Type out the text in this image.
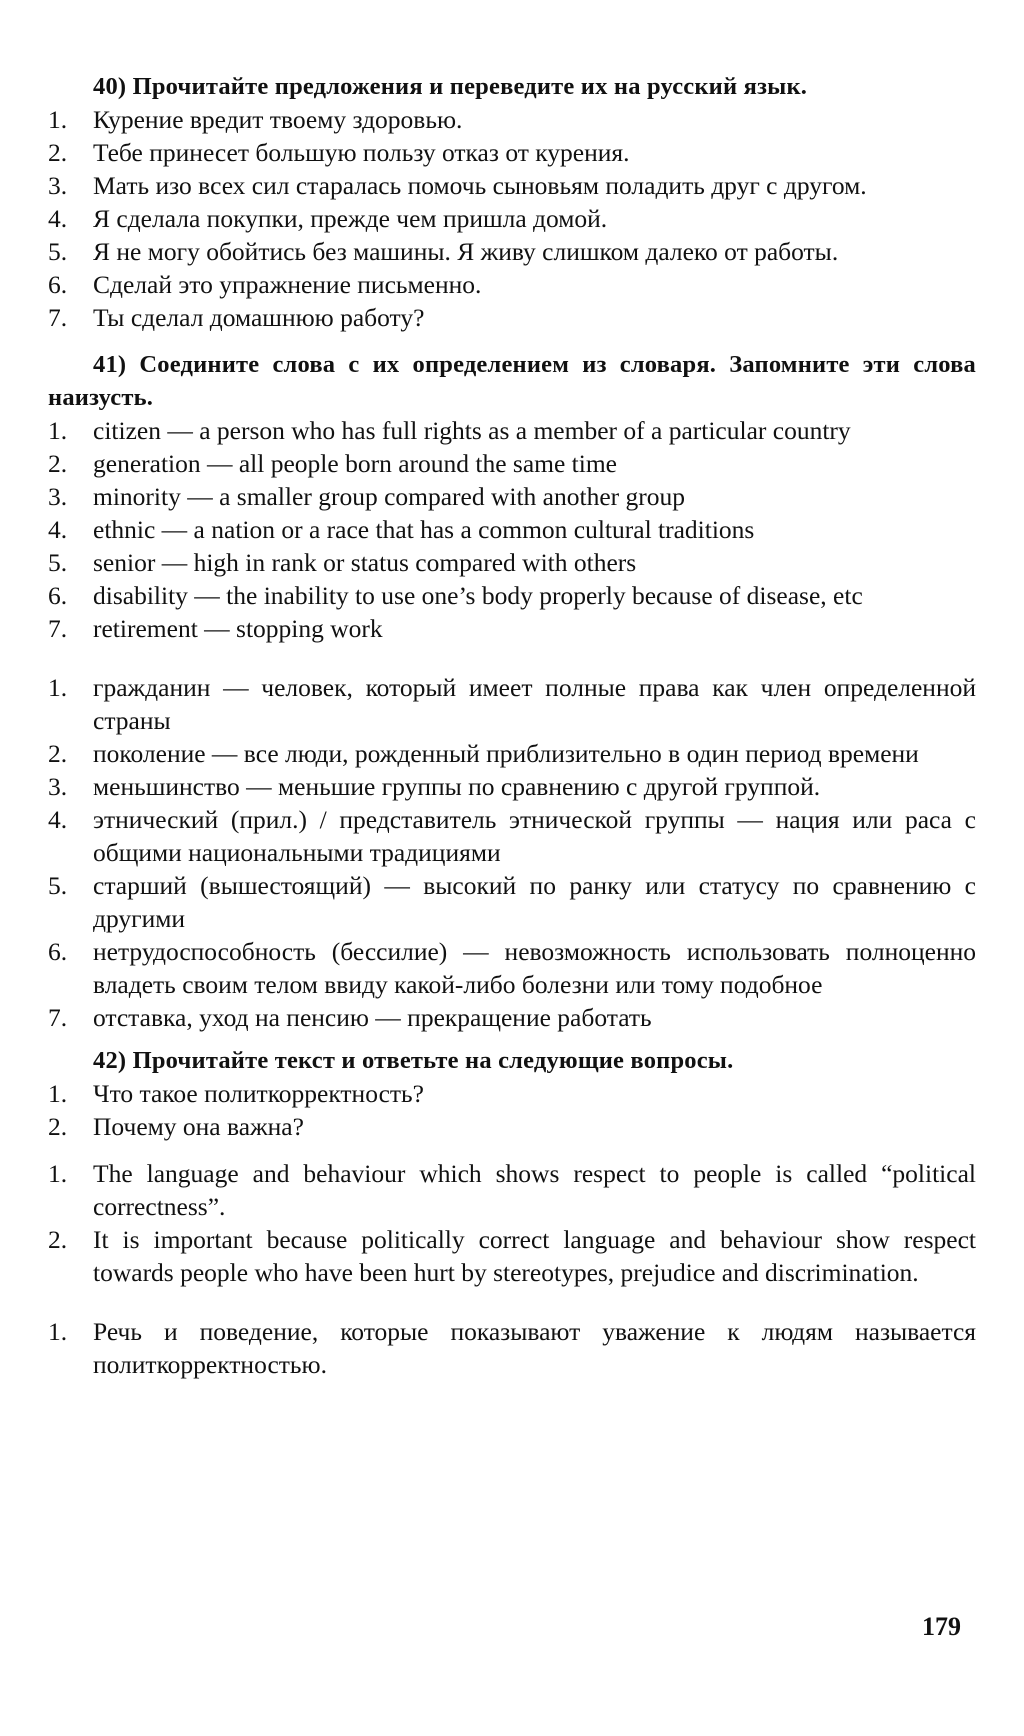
40) Прочитайте предложения и переведите их на русский язык.
1.	Курение вредит твоему здоровью.
2.	Тебе принесет большую пользу отказ от курения.
3.	Мать изо всех сил старалась помочь сыновьям поладить друг с другом.
4.	Я сделала покупки, прежде чем пришла домой.
5.	Я не могу обойтись без машины. Я живу слишком далеко от работы.
6.	Сделай это упражнение письменно.
7.	Ты сделал домашнюю работу?
41) Соедините слова с их определением из словаря. Запомните эти слова наизусть.
1.	citizen — a person who has full rights as a member of a particular country
2.	generation — all people born around the same time
3.	minority — a smaller group compared with another group
4.	ethnic — a nation or a race that has a common cultural traditions
5.	senior — high in rank or status compared with others
6.	disability — the inability to use one’s body properly because of disease, etc
7.	retirement — stopping work
1.	гражданин — человек, который имеет полные права как член определенной страны
2.	поколение — все люди, рожденный приблизительно в один период времени
3.	меньшинство — меньшие группы по сравнению с другой группой.
4.	этнический (прил.) / представитель этнической группы — нация или раса с общими национальными традициями
5.	старший (вышестоящий) — высокий по ранку или статусу по сравнению с другими
6.	нетрудоспособность (бессилие) — невозможность использовать полноценно владеть своим телом ввиду какой-либо болезни или тому подобное
7.	отставка, уход на пенсию — прекращение работать
42) Прочитайте текст и ответьте на следующие вопросы.
1.	Что такое политкорректность?
2.	Почему она важна?
1.	The language and behaviour which shows respect to people is called “political correctness”.
2.	It is important because politically correct language and behaviour show respect towards people who have been hurt by stereotypes, prejudice and discrimination.
1.	Речь и поведение, которые показывают уважение к людям называется политкорректностью.
179
